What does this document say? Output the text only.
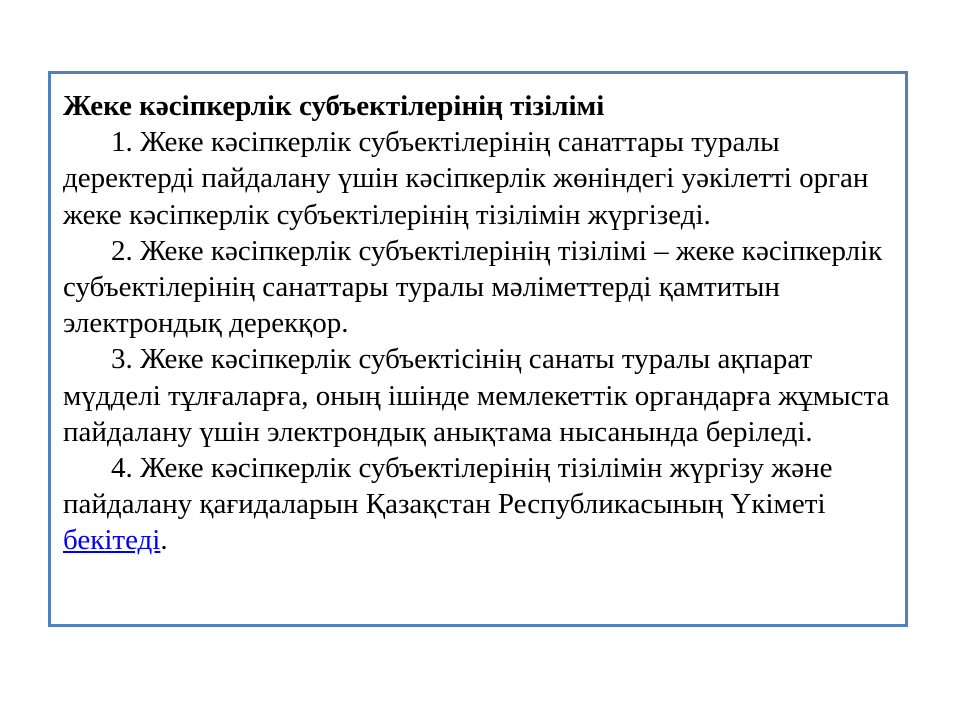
Жеке кәсіпкерлік субъектілерінің тізілімі

1. Жеке кәсіпкерлік субъектілерінің санаттары туралы деректерді пайдалану үшін кәсіпкерлік жөніндегі уәкілетті орган жеке кәсіпкерлік субъектілерінің тізілімін жүргізеді.

2. Жеке кәсіпкерлік субъектілерінің тізілімі – жеке кәсіпкерлік субъектілерінің санаттары туралы мәліметтерді қамтитын электрондық дерекқор.

3. Жеке кәсіпкерлік субъектісінің санаты туралы ақпарат мүдделі тұлғаларға, оның ішінде мемлекеттік органдарға жұмыста пайдалану үшін электрондық анықтама нысанында беріледі.

4. Жеке кәсіпкерлік субъектілерінің тізілімін жүргізу және пайдалану қағидаларын Қазақстан Республикасының Үкіметі бекітеді.
